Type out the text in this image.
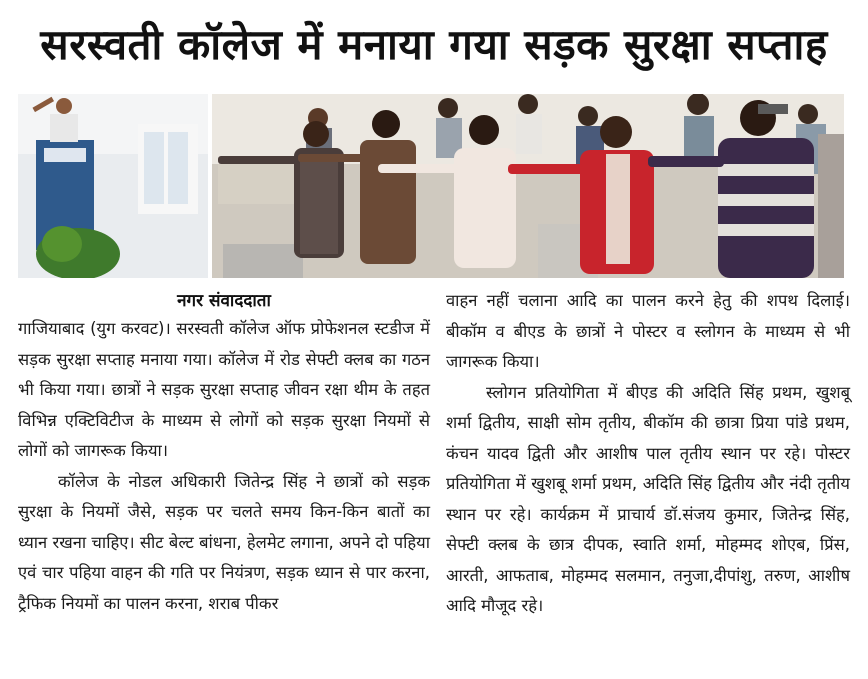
सरस्वती कॉलेज में मनाया गया सड़क सुरक्षा सप्ताह
नगर संवाददाता

गाजियाबाद (युग करवट)। सरस्वती कॉलेज ऑफ प्रोफेशनल स्टडीज में सड़क सुरक्षा सप्ताह मनाया गया। कॉलेज में रोड सेफ्टी क्लब का गठन भी किया गया। छात्रों ने सड़क सुरक्षा सप्ताह जीवन रक्षा थीम के तहत विभिन्न एक्टिविटीज के माध्यम से लोगों को सड़क सुरक्षा नियमों से लोगों को जागरूक किया।

कॉलेज के नोडल अधिकारी जितेन्द्र सिंह ने छात्रों को सड़क सुरक्षा के नियमों जैसे, सड़क पर चलते समय किन-किन बातों का ध्यान रखना चाहिए। सीट बेल्ट बांधना, हेलमेट लगाना, अपने दो पहिया एवं चार पहिया वाहन की गति पर नियंत्रण, सड़क ध्यान से पार करना, ट्रैफिक नियमों का पालन करना, शराब पीकर

वाहन नहीं चलाना आदि का पालन करने हेतु की शपथ दिलाई। बीकॉम व बीएड के छात्रों ने पोस्टर व स्लोगन के माध्यम से भी जागरूक किया।

स्लोगन प्रतियोगिता में बीएड की अदिति सिंह प्रथम, खुशबू शर्मा द्वितीय, साक्षी सोम तृतीय, बीकॉम की छात्रा प्रिया पांडे प्रथम, कंचन यादव द्विती और आशीष पाल तृतीय स्थान पर रहे। पोस्टर प्रतियोगिता में खुशबू शर्मा प्रथम, अदिति सिंह द्वितीय और नंदी तृतीय स्थान पर रहे। कार्यक्रम में प्राचार्य डॉ.संजय कुमार, जितेन्द्र सिंह, सेफ्टी क्लब के छात्र दीपक, स्वाति शर्मा, मोहम्मद शोएब, प्रिंस, आरती, आफताब, मोहम्मद सलमान, तनुजा,दीपांशु, तरुण, आशीष आदि मौजूद रहे।
